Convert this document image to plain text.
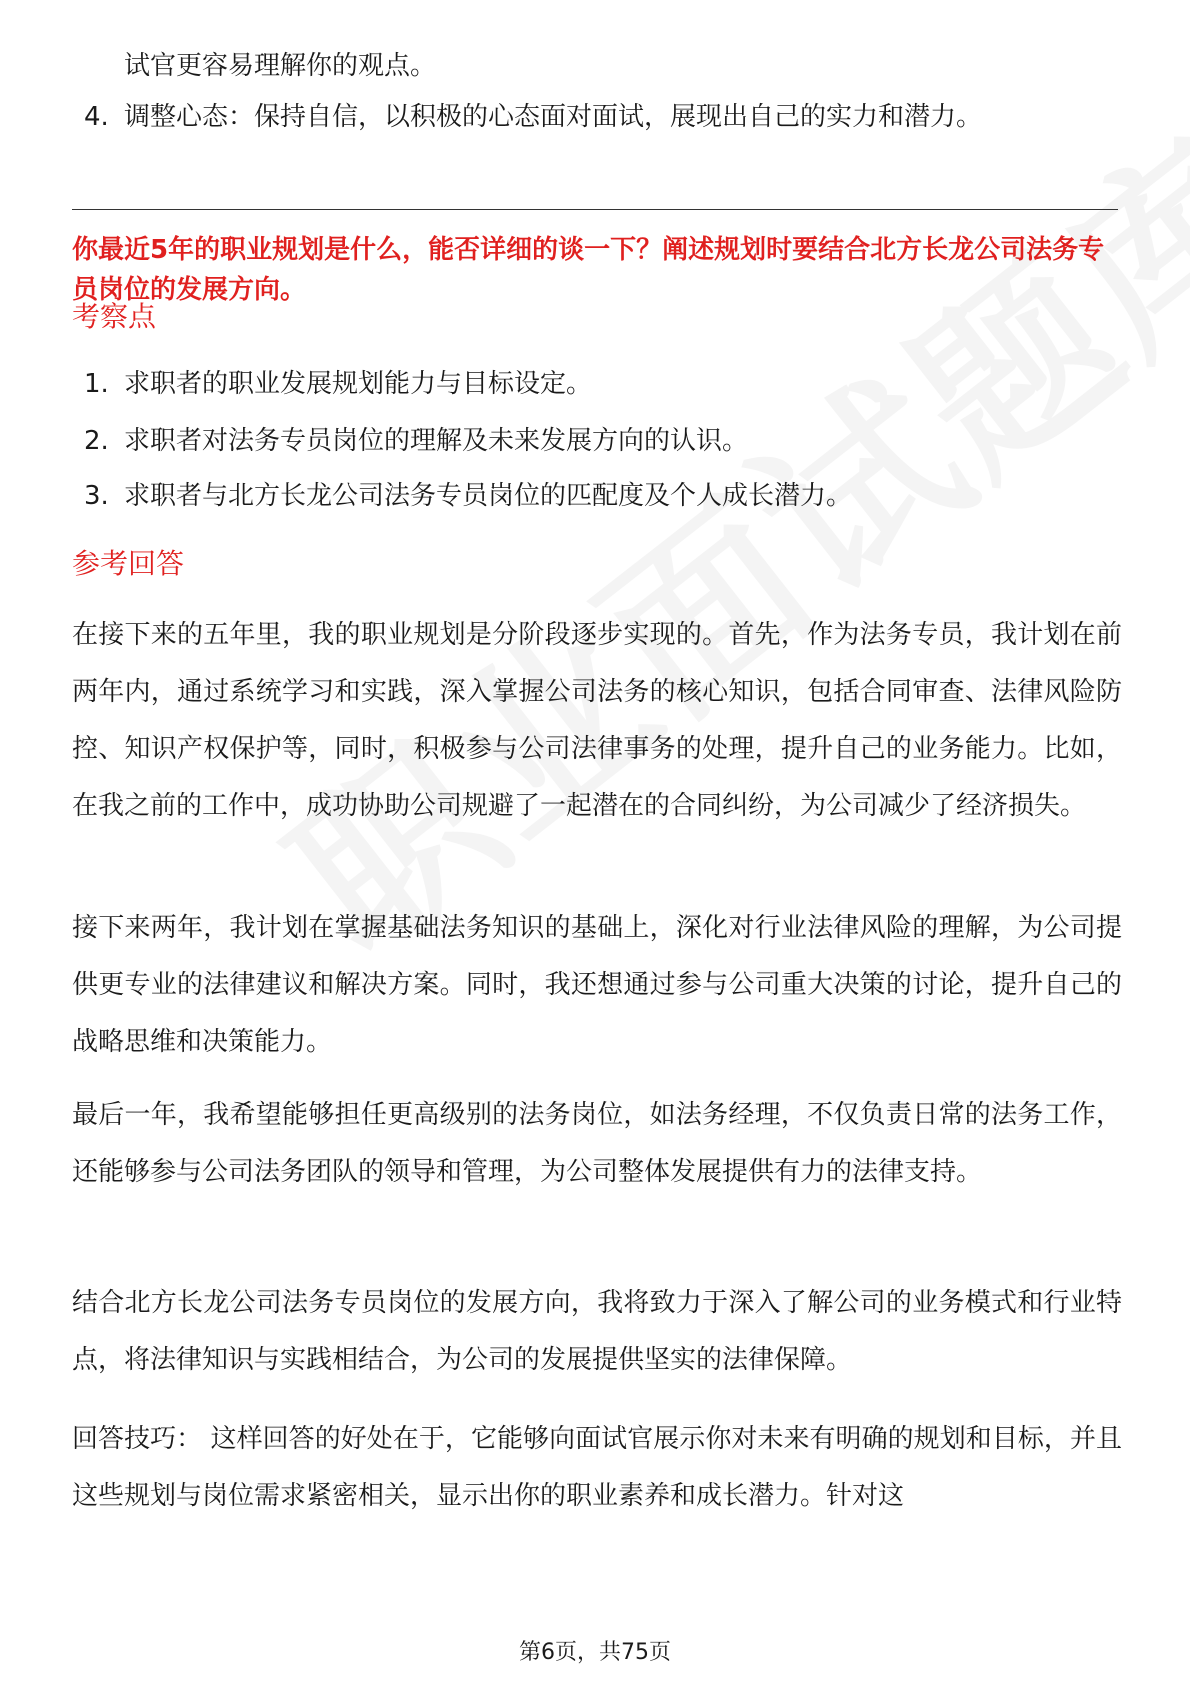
试官更容易理解你的观点。
4. 调整心态：保持自信，以积极的心态面对面试，展现出自己的实力和潜力。
你最近5年的职业规划是什么，能否详细的谈一下？阐述规划时要结合北方长龙公司法务专员岗位的发展方向。
考察点
1. 求职者的职业发展规划能力与目标设定。
2. 求职者对法务专员岗位的理解及未来发展方向的认识。
3. 求职者与北方长龙公司法务专员岗位的匹配度及个人成长潜力。
参考回答
在接下来的五年里，我的职业规划是分阶段逐步实现的。首先，作为法务专员，我计划在前两年内，通过系统学习和实践，深入掌握公司法务的核心知识，包括合同审查、法律风险防控、知识产权保护等，同时，积极参与公司法律事务的处理，提升自己的业务能力。比如，在我之前的工作中，成功协助公司规避了一起潜在的合同纠纷，为公司减少了经济损失。
接下来两年，我计划在掌握基础法务知识的基础上，深化对行业法律风险的理解，为公司提供更专业的法律建议和解决方案。同时，我还想通过参与公司重大决策的讨论，提升自己的战略思维和决策能力。
最后一年，我希望能够担任更高级别的法务岗位，如法务经理，不仅负责日常的法务工作，还能够参与公司法务团队的领导和管理，为公司整体发展提供有力的法律支持。
结合北方长龙公司法务专员岗位的发展方向，我将致力于深入了解公司的业务模式和行业特点，将法律知识与实践相结合，为公司的发展提供坚实的法律保障。
回答技巧： 这样回答的好处在于，它能够向面试官展示你对未来有明确的规划和目标，并且这些规划与岗位需求紧密相关，显示出你的职业素养和成长潜力。针对这
第6页，共75页
